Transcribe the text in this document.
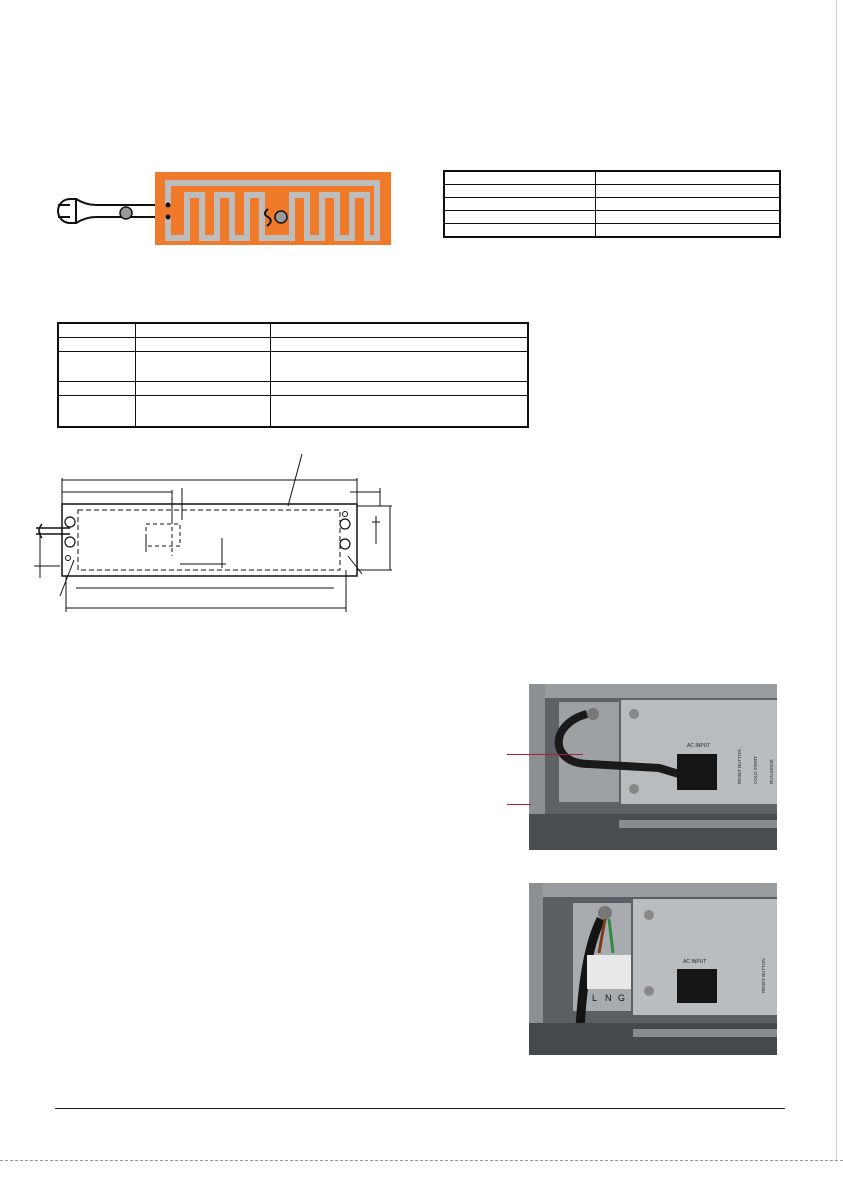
AC INPUT
RESET BUTTON COLD START RUN MODE
L N G
AC INPUT	RESET BUTTON
